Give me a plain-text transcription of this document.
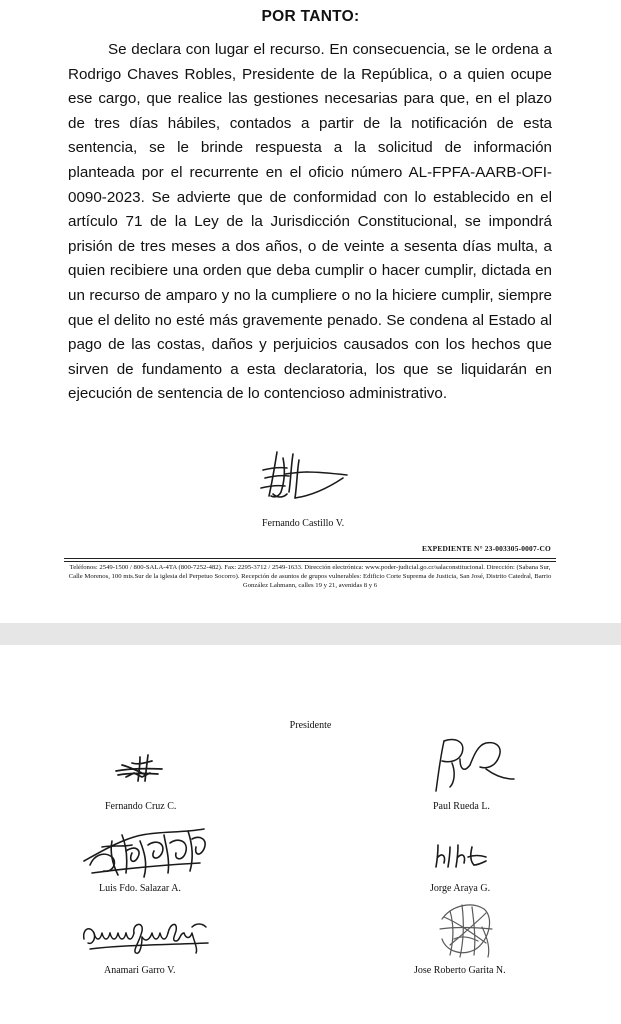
POR TANTO:

Se declara con lugar el recurso. En consecuencia, se le ordena a Rodrigo Chaves Robles, Presidente de la República, o a quien ocupe ese cargo, que realice las gestiones necesarias para que, en el plazo de tres días hábiles, contados a partir de la notificación de esta sentencia, se le brinde respuesta a la solicitud de información planteada por el recurrente en el oficio número AL-FPFA-AARB-OFI-0090-2023. Se advierte que de conformidad con lo establecido en el artículo 71 de la Ley de la Jurisdicción Constitucional, se impondrá prisión de tres meses a dos años, o de veinte a sesenta días multa, a quien recibiere una orden que deba cumplir o hacer cumplir, dictada en un recurso de amparo y no la cumpliere o no la hiciere cumplir, siempre que el delito no esté más gravemente penado. Se condena al Estado al pago de las costas, daños y perjuicios causados con los hechos que sirven de fundamento a esta declaratoria, los que se liquidarán en ejecución de sentencia de lo contencioso administrativo.

Fernando Castillo V.
EXPEDIENTE N° 23-003305-0007-CO
Teléfonos: 2549-1500 / 800-SALA-4TA (800-7252-482). Fax: 2295-3712 / 2549-1633. Dirección electrónica: www.poder-judicial.go.cr/salaconstitucional. Dirección: (Sabana Sur, Calle Morenos, 100 mts.Sur de la iglesia del Perpetuo Socorro). Recepción de asuntos de grupos vulnerables: Edificio Corte Suprema de Justicia, San José, Distrito Catedral, Barrio González Lahmann, calles 19 y 21, avenidas 8 y 6
Presidente
Fernando Cruz C.	Paul Rueda L.
Luis Fdo. Salazar A.	Jorge Araya G.
Anamari Garro V.	Jose Roberto Garita N.
